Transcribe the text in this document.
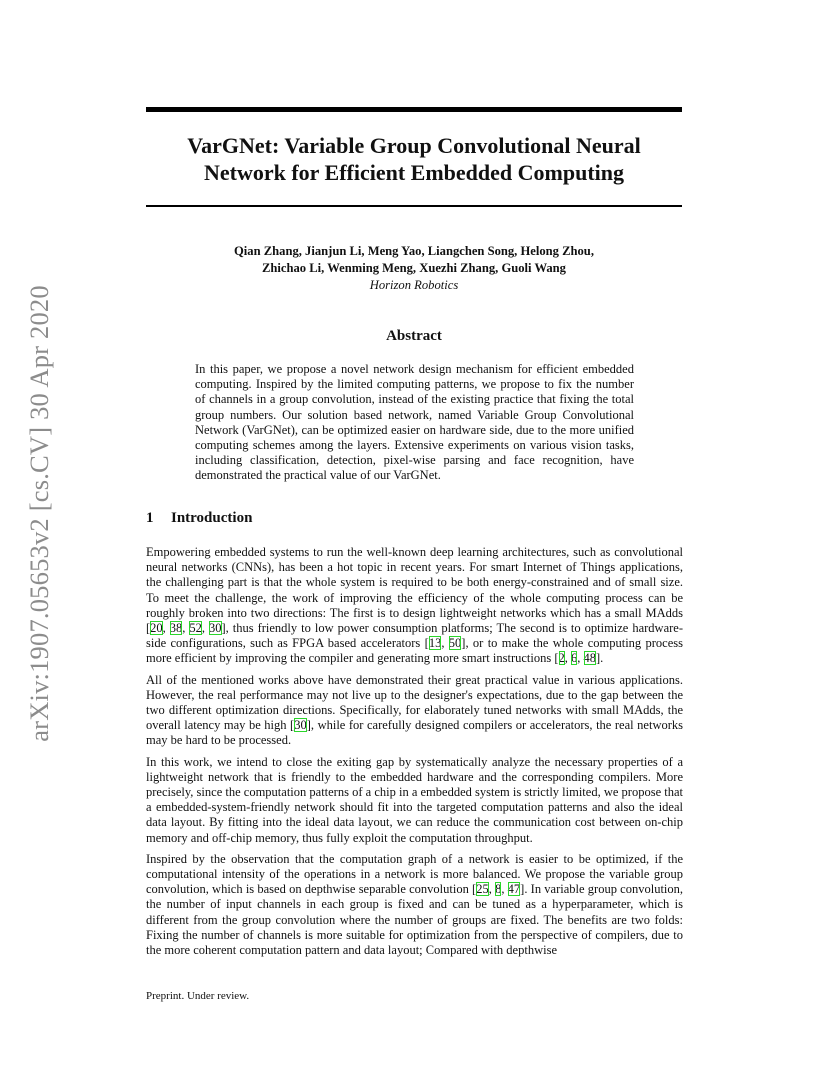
arXiv:1907.05653v2 [cs.CV] 30 Apr 2020
VarGNet: Variable Group Convolutional Neural
Network for Efficient Embedded Computing
Qian Zhang, Jianjun Li, Meng Yao, Liangchen Song, Helong Zhou,
Zhichao Li, Wenming Meng, Xuezhi Zhang, Guoli Wang
Horizon Robotics
Abstract

In this paper, we propose a novel network design mechanism for efficient embedded computing. Inspired by the limited computing patterns, we propose to fix the number of channels in a group convolution, instead of the existing practice that fixing the total group numbers. Our solution based network, named Variable Group Convolutional Network (VarGNet), can be optimized easier on hardware side, due to the more unified computing schemes among the layers. Extensive experiments on various vision tasks, including classification, detection, pixel-wise parsing and face recognition, have demonstrated the practical value of our VarGNet.

1 Introduction

Empowering embedded systems to run the well-known deep learning architectures, such as convolutional neural networks (CNNs), has been a hot topic in recent years. For smart Internet of Things applications, the challenging part is that the whole system is required to be both energy-constrained and of small size. To meet the challenge, the work of improving the efficiency of the whole computing process can be roughly broken into two directions: The first is to design lightweight networks which has a small MAdds [20, 38, 52, 30], thus friendly to low power consumption platforms; The second is to optimize hardware-side configurations, such as FPGA based accelerators [13, 50], or to make the whole computing process more efficient by improving the compiler and generating more smart instructions [2, 6, 48].

All of the mentioned works above have demonstrated their great practical value in various applications. However, the real performance may not live up to the designer's expectations, due to the gap between the two different optimization directions. Specifically, for elaborately tuned networks with small MAdds, the overall latency may be high [30], while for carefully designed compilers or accelerators, the real networks may be hard to be processed.

In this work, we intend to close the exiting gap by systematically analyze the necessary properties of a lightweight network that is friendly to the embedded hardware and the corresponding compilers. More precisely, since the computation patterns of a chip in a embedded system is strictly limited, we propose that a embedded-system-friendly network should fit into the targeted computation patterns and also the ideal data layout. By fitting into the ideal data layout, we can reduce the communication cost between on-chip memory and off-chip memory, thus fully exploit the computation throughput.

Inspired by the observation that the computation graph of a network is easier to be optimized, if the computational intensity of the operations in a network is more balanced. We propose the variable group convolution, which is based on depthwise separable convolution [25, 8, 47]. In variable group convolution, the number of input channels in each group is fixed and can be tuned as a hyperparameter, which is different from the group convolution where the number of groups are fixed. The benefits are two folds: Fixing the number of channels is more suitable for optimization from the perspective of compilers, due to the more coherent computation pattern and data layout; Compared with depthwise

Preprint. Under review.
